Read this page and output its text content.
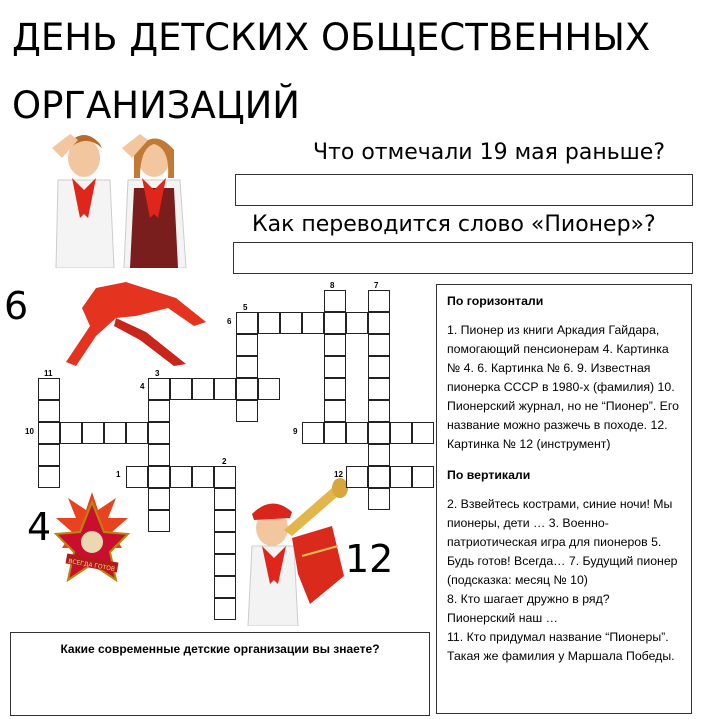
ДЕНЬ ДЕТСКИХ ОБЩЕСТВЕННЫХ ОРГАНИЗАЦИЙ
Что отмечали 19 мая раньше?
Как переводится слово «Пионер»?
6
4
ВСЕГДА ГОТОВ	12
1
2
3
4
5
6
7
8
9
10
11
12
По горизонтали

1. Пионер из книги Аркадия Гайдара, помогающий пенсионерам 4. Картинка № 4. 6. Картинка № 6. 9. Известная пионерка СССР в 1980-х (фамилия) 10. Пионерский журнал, но не “Пионер”. Его название можно разжечь в походе. 12. Картинка № 12 (инструмент)

По вертикали

2. Взвейтесь кострами, синие ночи! Мы пионеры, дети … 3. Военно-патриотическая игра для пионеров 5. Будь готов! Всегда… 7. Будущий пионер (подсказка: месяц № 10)

8. Кто шагает дружно в ряд? Пионерский наш …

11. Кто придумал название “Пионеры”. Такая же фамилия у Маршала Победы.

Какие современные детские организации вы знаете?
